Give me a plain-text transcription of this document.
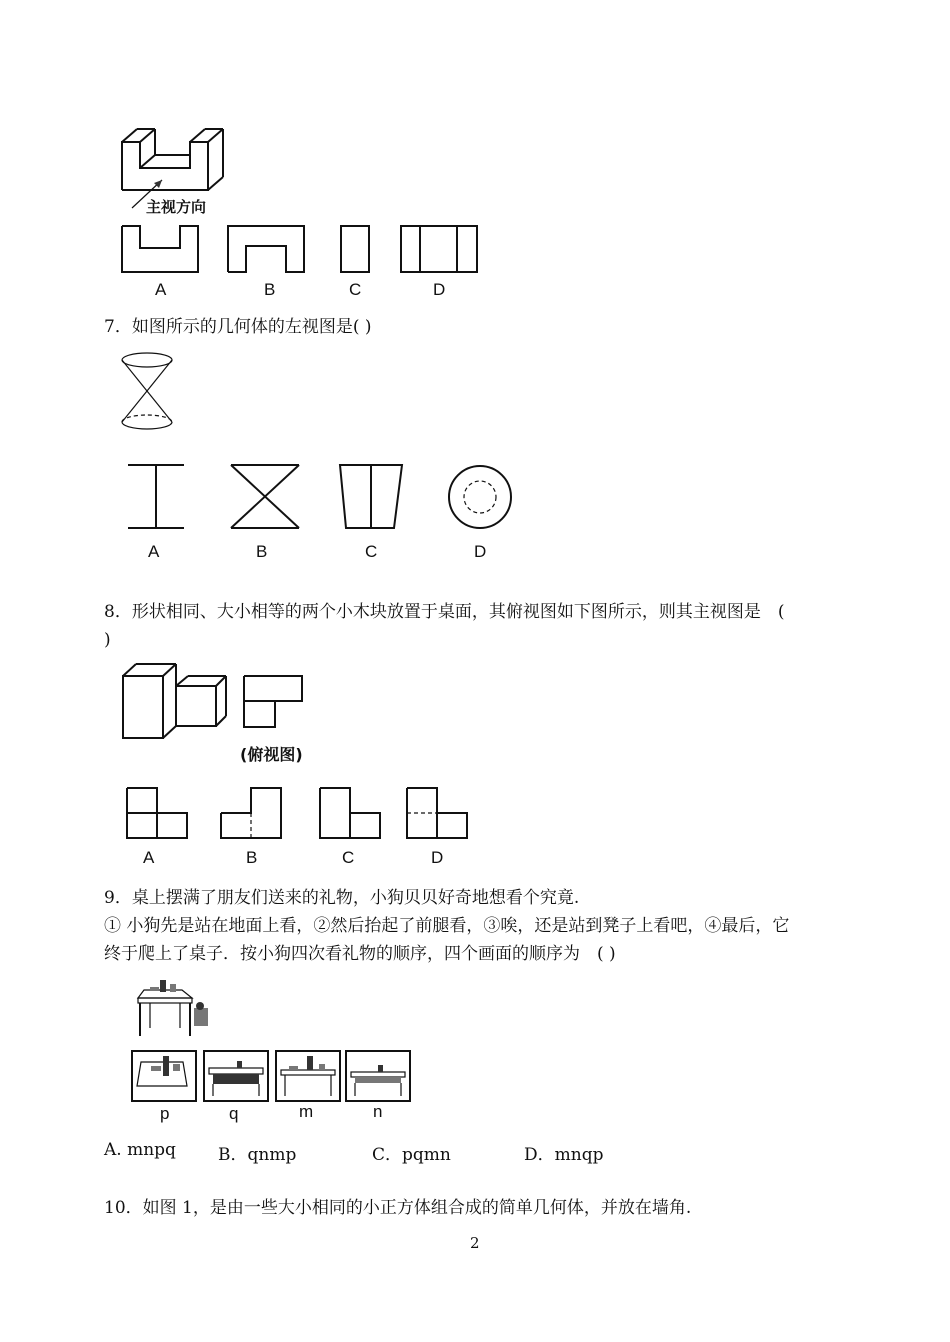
主视方向
A	B	C	D
7．如图所示的几何体的左视图是( )
A	B	C	D
8．形状相同、大小相等的两个小木块放置于桌面，其俯视图如下图所示，则其主视图是　(
)
(俯视图)
A	B	C	D
9．桌上摆满了朋友们送来的礼物，小狗贝贝好奇地想看个究竟.
① 小狗先是站在地面上看，②然后抬起了前腿看，③唉，还是站到凳子上看吧，④最后，它
终于爬上了桌子．按小狗四次看礼物的顺序，四个画面的顺序为　( )
p	q	m	n
A. mnpq B．qnmp	C．pqmn	D．mnqp
10．如图 1，是由一些大小相同的小正方体组合成的简单几何体，并放在墙角.
2
